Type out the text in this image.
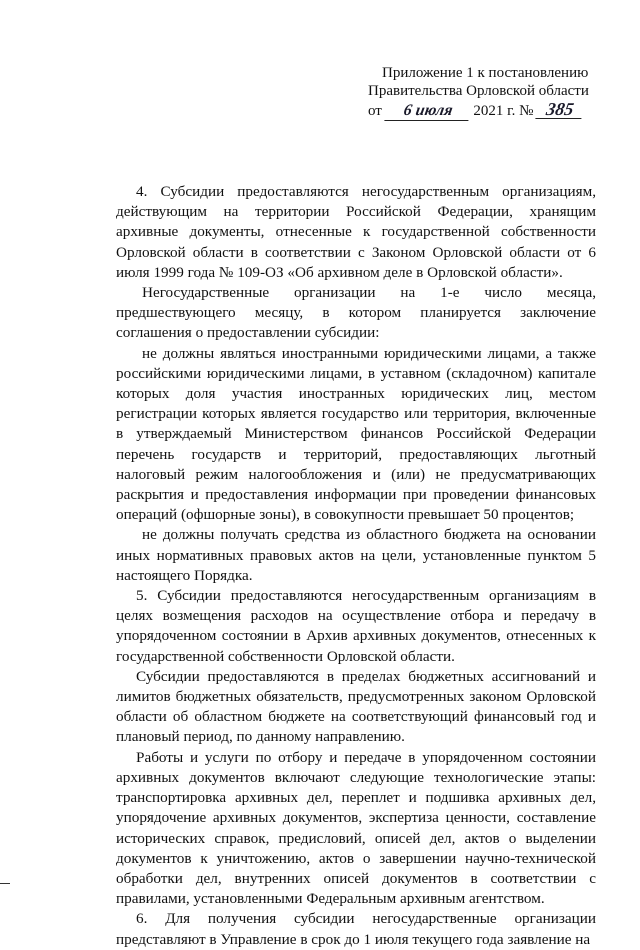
Приложение 1 к постановлению
Правительства Орловской области
от 6 июля 2021 г. № 385

4. Субсидии предоставляются негосударственным организациям, действующим на территории Российской Федерации, хранящим архивные документы, отнесенные к государственной собственности Орловской области в соответствии с Законом Орловской области от 6 июля 1999 года № 109-ОЗ «Об архивном деле в Орловской области».

Негосударственные организации на 1-е число месяца, предшествующего месяцу, в котором планируется заключение соглашения о предоставлении субсидии:

не должны являться иностранными юридическими лицами, а также российскими юридическими лицами, в уставном (складочном) капитале которых доля участия иностранных юридических лиц, местом регистрации которых является государство или территория, включенные в утверждаемый Министерством финансов Российской Федерации перечень государств и территорий, предоставляющих льготный налоговый режим налогообложения и (или) не предусматривающих раскрытия и предоставления информации при проведении финансовых операций (офшорные зоны), в совокупности превышает 50 процентов;

не должны получать средства из областного бюджета на основании иных нормативных правовых актов на цели, установленные пунктом 5 настоящего Порядка.

5. Субсидии предоставляются негосударственным организациям в целях возмещения расходов на осуществление отбора и передачу в упорядоченном состоянии в Архив архивных документов, отнесенных к государственной собственности Орловской области.

Субсидии предоставляются в пределах бюджетных ассигнований и лимитов бюджетных обязательств, предусмотренных законом Орловской области об областном бюджете на соответствующий финансовый год и плановый период, по данному направлению.

Работы и услуги по отбору и передаче в упорядоченном состоянии архивных документов включают следующие технологические этапы: транспортировка архивных дел, переплет и подшивка архивных дел, упорядочение архивных документов, экспертиза ценности, составление исторических справок, предисловий, описей дел, актов о выделении документов к уничтожению, актов о завершении научно-технической обработки дел, внутренних описей документов в соответствии с правилами, установленными Федеральным архивным агентством.

6. Для получения субсидии негосударственные организации представляют в Управление в срок до 1 июля текущего года заявление на
